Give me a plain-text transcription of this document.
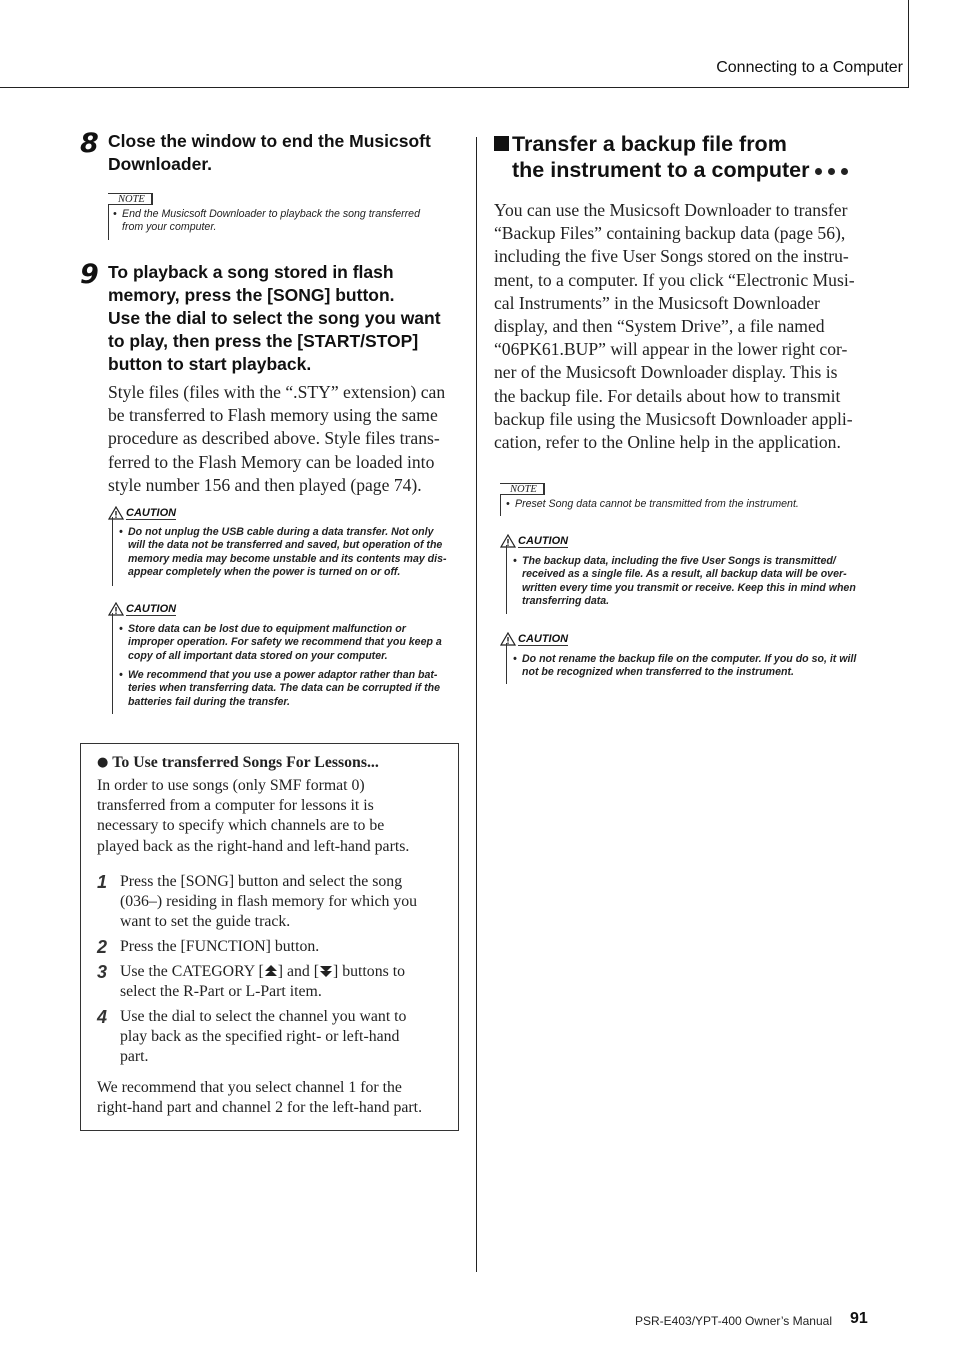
Connecting to a Computer
8 Close the window to end the Musicsoft
Downloader.
NOTE
• End the Musicsoft Downloader to playback the song transferred
from your computer.
9 To playback a song stored in flash
memory, press the [SONG] button.
Use the dial to select the song you want
to play, then press the [START/STOP]
button to start playback.
Style files (files with the “.STY” extension) can
be transferred to Flash memory using the same
procedure as described above. Style files trans-
ferred to the Flash Memory can be loaded into
style number 156 and then played (page 74).
CAUTION
• Do not unplug the USB cable during a data transfer. Not only
will the data not be transferred and saved, but operation of the
memory media may become unstable and its contents may dis-
appear completely when the power is turned on or off.
CAUTION
• Store data can be lost due to equipment malfunction or
improper operation. For safety we recommend that you keep a
copy of all important data stored on your computer.
• We recommend that you use a power adaptor rather than bat-
teries when transferring data. The data can be corrupted if the
batteries fail during the transfer.
● To Use transferred Songs For Lessons...
In order to use songs (only SMF format 0)
transferred from a computer for lessons it is
necessary to specify which channels are to be
played back as the right-hand and left-hand parts.
1 Press the [SONG] button and select the song
(036–) residing in flash memory for which you
want to set the guide track.
2 Press the [FUNCTION] button.
3 Use the CATEGORY [ ] and [ ] buttons to
select the R-Part or L-Part item.
4 Use the dial to select the channel you want to
play back as the specified right- or left-hand
part.
We recommend that you select channel 1 for the
right-hand part and channel 2 for the left-hand part.
Transfer a backup file from
the instrument to a computer
You can use the Musicsoft Downloader to transfer
“Backup Files” containing backup data (page 56),
including the five User Songs stored on the instru-
ment, to a computer. If you click “Electronic Musi-
cal Instruments” in the Musicsoft Downloader
display, and then “System Drive”, a file named
“06PK61.BUP” will appear in the lower right cor-
ner of the Musicsoft Downloader display. This is
the backup file. For details about how to transmit
backup file using the Musicsoft Downloader appli-
cation, refer to the Online help in the application.
NOTE
• Preset Song data cannot be transmitted from the instrument.
CAUTION
• The backup data, including the five User Songs is transmitted/
received as a single file. As a result, all backup data will be over-
written every time you transmit or receive. Keep this in mind when
transferring data.
CAUTION
• Do not rename the backup file on the computer. If you do so, it will
not be recognized when transferred to the instrument.
PSR-E403/YPT-400 Owner’s Manual 91
